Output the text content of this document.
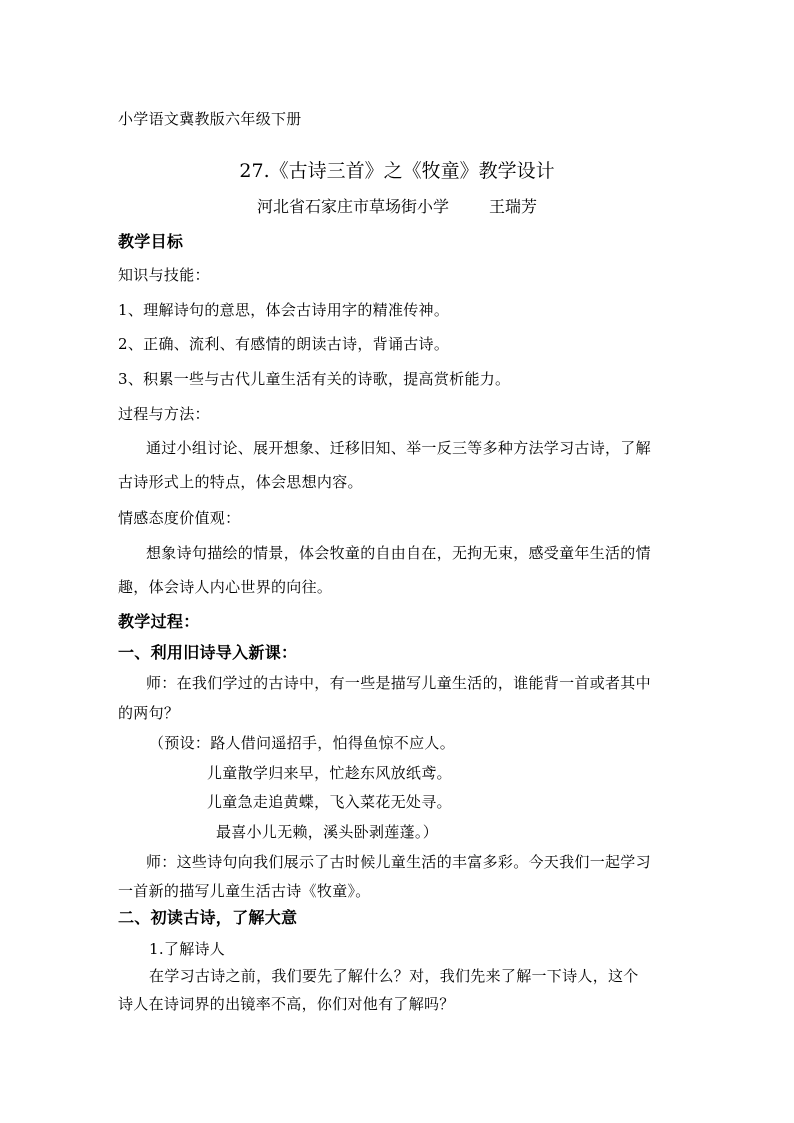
小学语文冀教版六年级下册
27.《古诗三首》之《牧童》教学设计
河北省石家庄市草场街小学	王瑞芳
教学目标
知识与技能：
1、理解诗句的意思，体会古诗用字的精准传神。
2、正确、流利、有感情的朗读古诗，背诵古诗。
3、积累一些与古代儿童生活有关的诗歌，提高赏析能力。
过程与方法：
通过小组讨论、展开想象、迁移旧知、举一反三等多种方法学习古诗，了解
古诗形式上的特点，体会思想内容。
情感态度价值观：
想象诗句描绘的情景，体会牧童的自由自在，无拘无束，感受童年生活的情
趣，体会诗人内心世界的向往。
教学过程：
一、利用旧诗导入新课：
师：在我们学过的古诗中，有一些是描写儿童生活的，谁能背一首或者其中
的两句？
（预设：路人借问遥招手，怕得鱼惊不应人。
儿童散学归来早，忙趁东风放纸鸢。
儿童急走追黄蝶，飞入菜花无处寻。
最喜小儿无赖，溪头卧剥莲蓬。）
师：这些诗句向我们展示了古时候儿童生活的丰富多彩。今天我们一起学习
一首新的描写儿童生活古诗《牧童》。
二、初读古诗，了解大意
1.了解诗人
在学习古诗之前，我们要先了解什么？对，我们先来了解一下诗人，这个
诗人在诗词界的出镜率不高，你们对他有了解吗？
